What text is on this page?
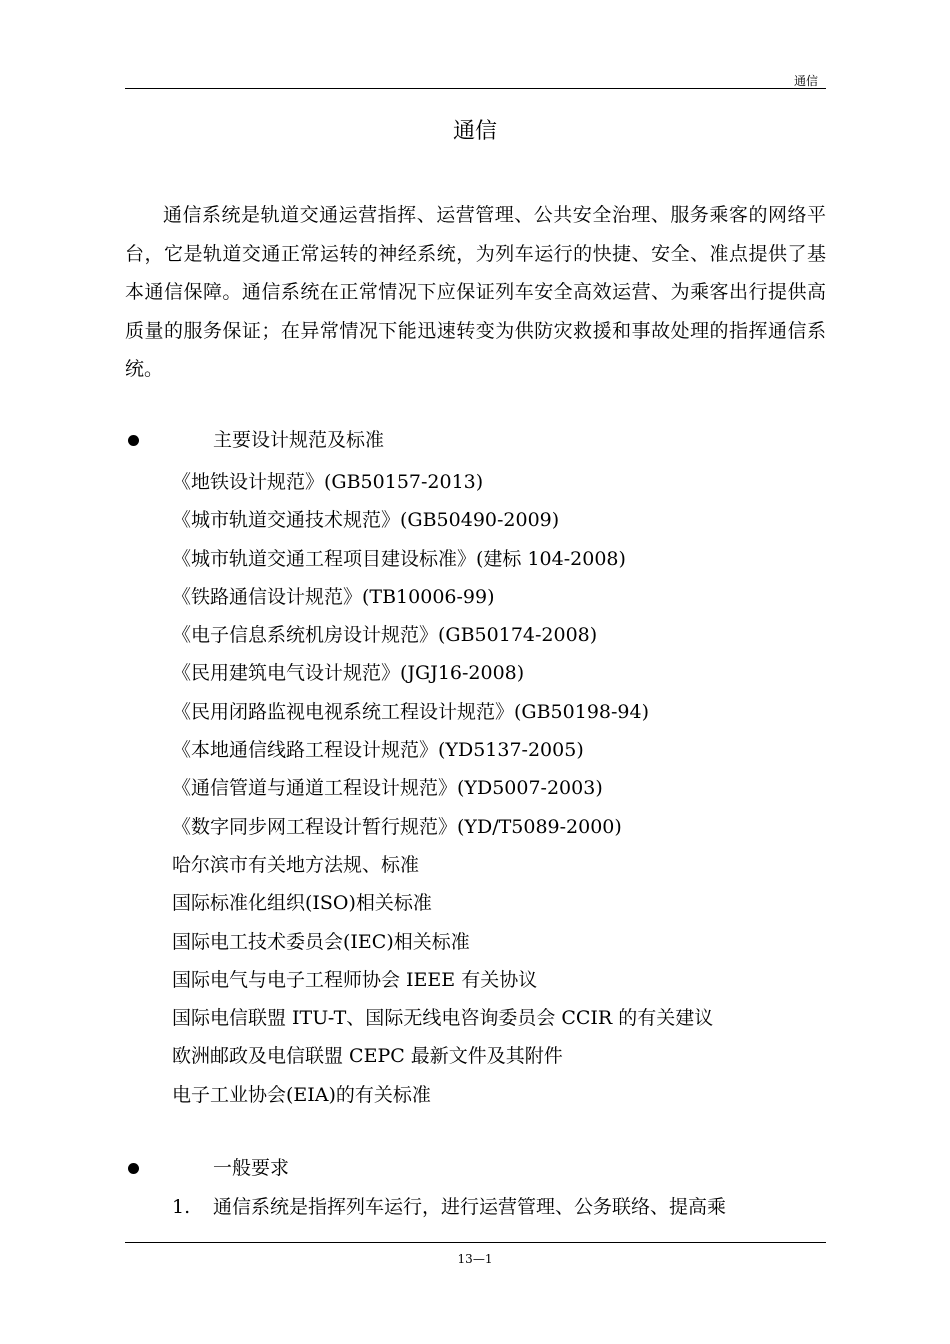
通信
通信

通信系统是轨道交通运营指挥、运营管理、公共安全治理、服务乘客的网络平台，它是轨道交通正常运转的神经系统，为列车运行的快捷、安全、准点提供了基本通信保障。通信系统在正常情况下应保证列车安全高效运营、为乘客出行提供高质量的服务保证；在异常情况下能迅速转变为供防灾救援和事故处理的指挥通信系统。

主要设计规范及标准
《地铁设计规范》(GB50157-2013)
《城市轨道交通技术规范》(GB50490-2009)
《城市轨道交通工程项目建设标准》(建标 104-2008)
《铁路通信设计规范》(TB10006-99)
《电子信息系统机房设计规范》(GB50174-2008)
《民用建筑电气设计规范》(JGJ16-2008)
《民用闭路监视电视系统工程设计规范》(GB50198-94)
《本地通信线路工程设计规范》(YD5137-2005)
《通信管道与通道工程设计规范》(YD5007-2003)
《数字同步网工程设计暂行规范》(YD/T5089-2000)
哈尔滨市有关地方法规、标准
国际标准化组织(ISO)相关标准
国际电工技术委员会(IEC)相关标准
国际电气与电子工程师协会 IEEE 有关协议
国际电信联盟 ITU-T、国际无线电咨询委员会 CCIR 的有关建议
欧洲邮政及电信联盟 CEPC 最新文件及其附件
电子工业协会(EIA)的有关标准
一般要求
1. 通信系统是指挥列车运行，进行运营管理、公务联络、提高乘
13—1
